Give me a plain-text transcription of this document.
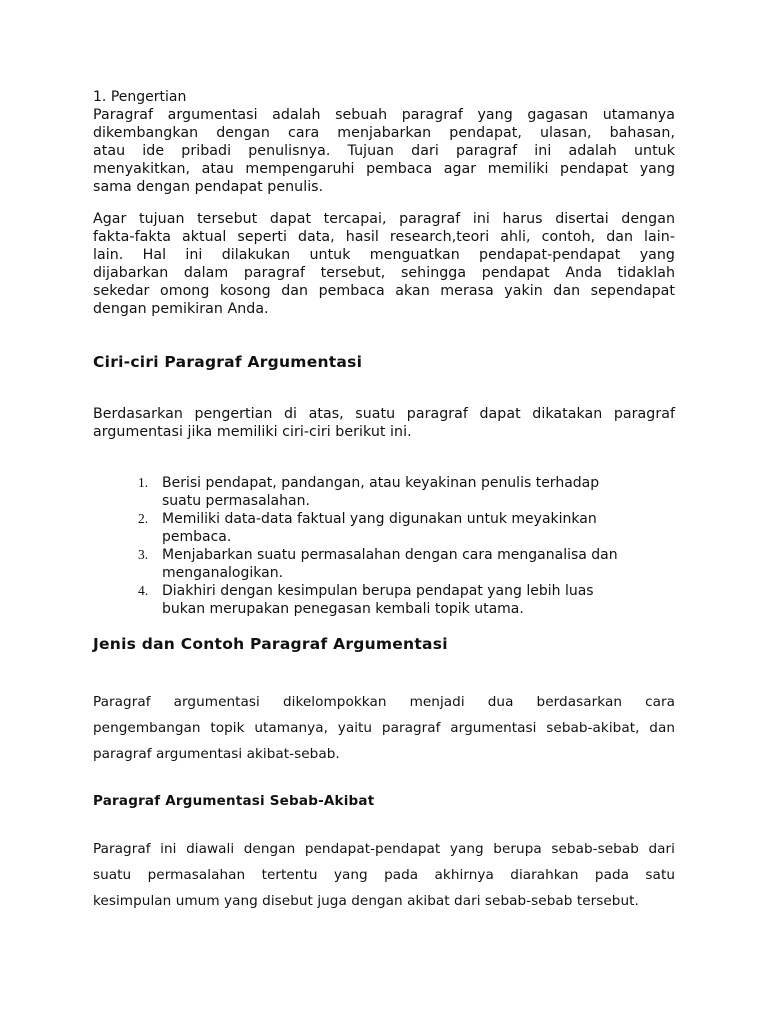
1. Pengertian

Paragraf argumentasi adalah sebuah paragraf yang gagasan utamanya
dikembangkan dengan cara menjabarkan pendapat, ulasan, bahasan,
atau ide pribadi penulisnya. Tujuan dari paragraf ini adalah untuk
menyakitkan, atau mempengaruhi pembaca agar memiliki pendapat yang
sama dengan pendapat penulis.
Agar tujuan tersebut dapat tercapai, paragraf ini harus disertai dengan
fakta-fakta aktual seperti data, hasil research,teori ahli, contoh, dan lain-
lain. Hal ini dilakukan untuk menguatkan pendapat-pendapat yang
dijabarkan dalam paragraf tersebut, sehingga pendapat Anda tidaklah
sekedar omong kosong dan pembaca akan merasa yakin dan sependapat
dengan pemikiran Anda.
Ciri-ciri Paragraf Argumentasi
Berdasarkan pengertian di atas, suatu paragraf dapat dikatakan paragraf
argumentasi jika memiliki ciri-ciri berikut ini.
1. Berisi pendapat, pandangan, atau keyakinan penulis terhadap
suatu permasalahan.
2. Memiliki data-data faktual yang digunakan untuk meyakinkan
pembaca.
3. Menjabarkan suatu permasalahan dengan cara menganalisa dan
menganalogikan.
4. Diakhiri dengan kesimpulan berupa pendapat yang lebih luas
bukan merupakan penegasan kembali topik utama.
Jenis dan Contoh Paragraf Argumentasi
Paragraf argumentasi dikelompokkan menjadi dua berdasarkan cara
pengembangan topik utamanya, yaitu paragraf argumentasi sebab-akibat, dan
paragraf argumentasi akibat-sebab.
Paragraf Argumentasi Sebab-Akibat
Paragraf ini diawali dengan pendapat-pendapat yang berupa sebab-sebab dari
suatu permasalahan tertentu yang pada akhirnya diarahkan pada satu
kesimpulan umum yang disebut juga dengan akibat dari sebab-sebab tersebut.
